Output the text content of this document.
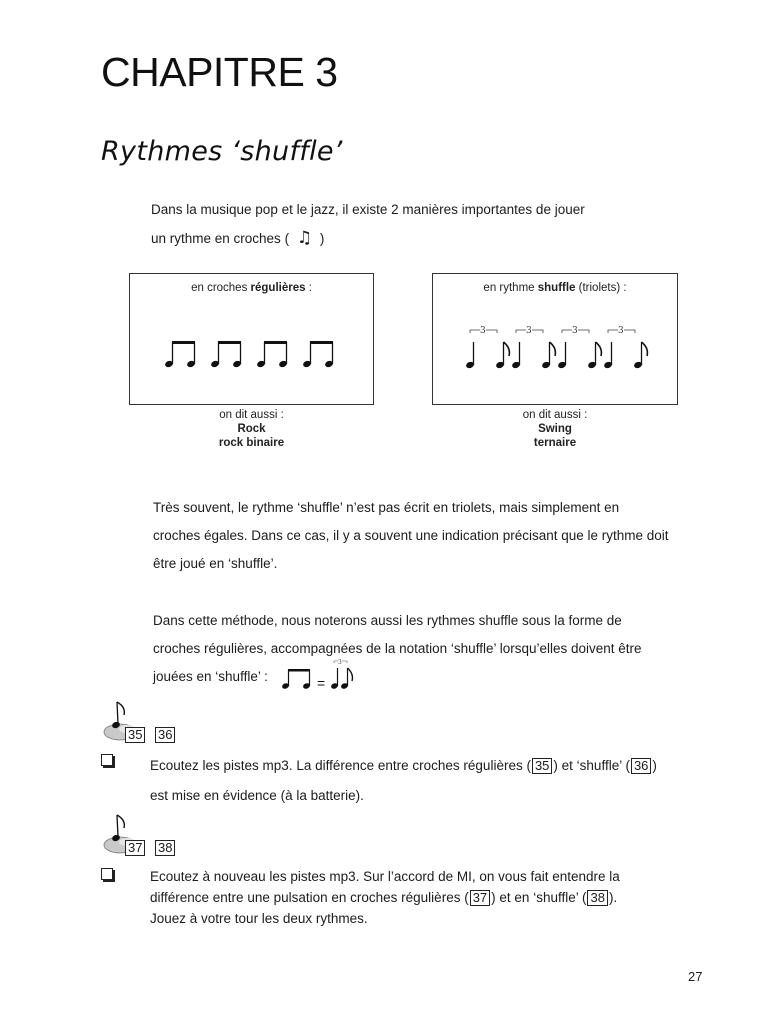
CHAPITRE 3
Rythmes ‘shuffle’
Dans la musique pop et le jazz, il existe 2 manières importantes de jouer
un rythme en croches ( ♫ )
en croches régulières :
on dit aussi :
Rock
rock binaire
en rythme shuffle (triolets) :
3	3	3	3
on dit aussi :
Swing
ternaire
Très souvent, le rythme ‘shuffle’ n’est pas écrit en triolets, mais simplement en
croches égales. Dans ce cas, il y a souvent une indication précisant que le rythme doit
être joué en ‘shuffle’.
Dans cette méthode, nous noterons aussi les rythmes shuffle sous la forme de
croches régulières, accompagnées de la notation ‘shuffle’ lorsqu’elles doivent être
jouées en ‘shuffle’ :
3
=
35 36
Ecoutez les pistes mp3. La différence entre croches régulières ( 35 ) et ‘shuffle’ ( 36 )
est mise en évidence (à la batterie).
37 38
Ecoutez à nouveau les pistes mp3. Sur l’accord de MI, on vous fait entendre la
différence entre une pulsation en croches régulières ( 37 ) et en ‘shuffle’ ( 38 ).
Jouez à votre tour les deux rythmes.
27
